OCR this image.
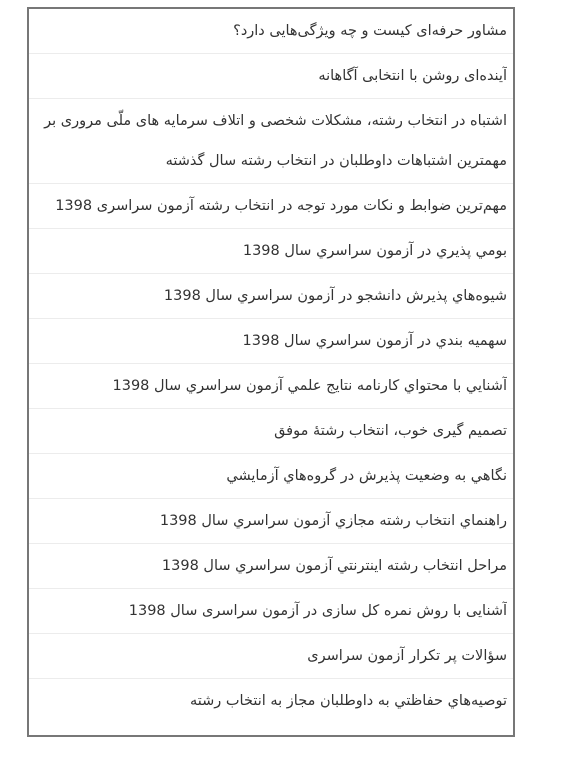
مشاور حرفه‌ای کیست و چه ویژگی‌هایی دارد؟
آینده‌ای روشن با انتخابی آگاهانه
اشتباه در انتخاب رشته، مشکلات شخصی و اتلاف سرمایه های ملّی مروری بر مهمترین اشتباهات داوطلبان در انتخاب رشته سال گذشته
مهم‌ترین ضوابط و نکات مورد توجه در انتخاب رشته آزمون سراسری 1398
بومي پذيري در آزمون سراسري سال 1398
شيوه‌هاي پذيرش دانشجو در آزمون سراسري سال 1398
سهميه بندي در آزمون سراسري سال 1398
آشنايي با محتواي كارنامه نتايج علمي آزمون سراسري سال 1398
تصمیم گیری خوب، انتخاب رشتۀ موفق
نگاهي به وضعيت پذيرش در گروه‌هاي آزمايشي
راهنماي انتخاب رشته مجازي آزمون سراسري سال 1398
مراحل انتخاب رشته اينترنتي آزمون سراسري سال 1398
آشنایی با روش نمره کل سازی در آزمون سراسری سال 1398
سؤالات پر تکرار آزمون سراسری
توصيه‌هاي حفاظتي به داوطلبان مجاز به انتخاب رشته
